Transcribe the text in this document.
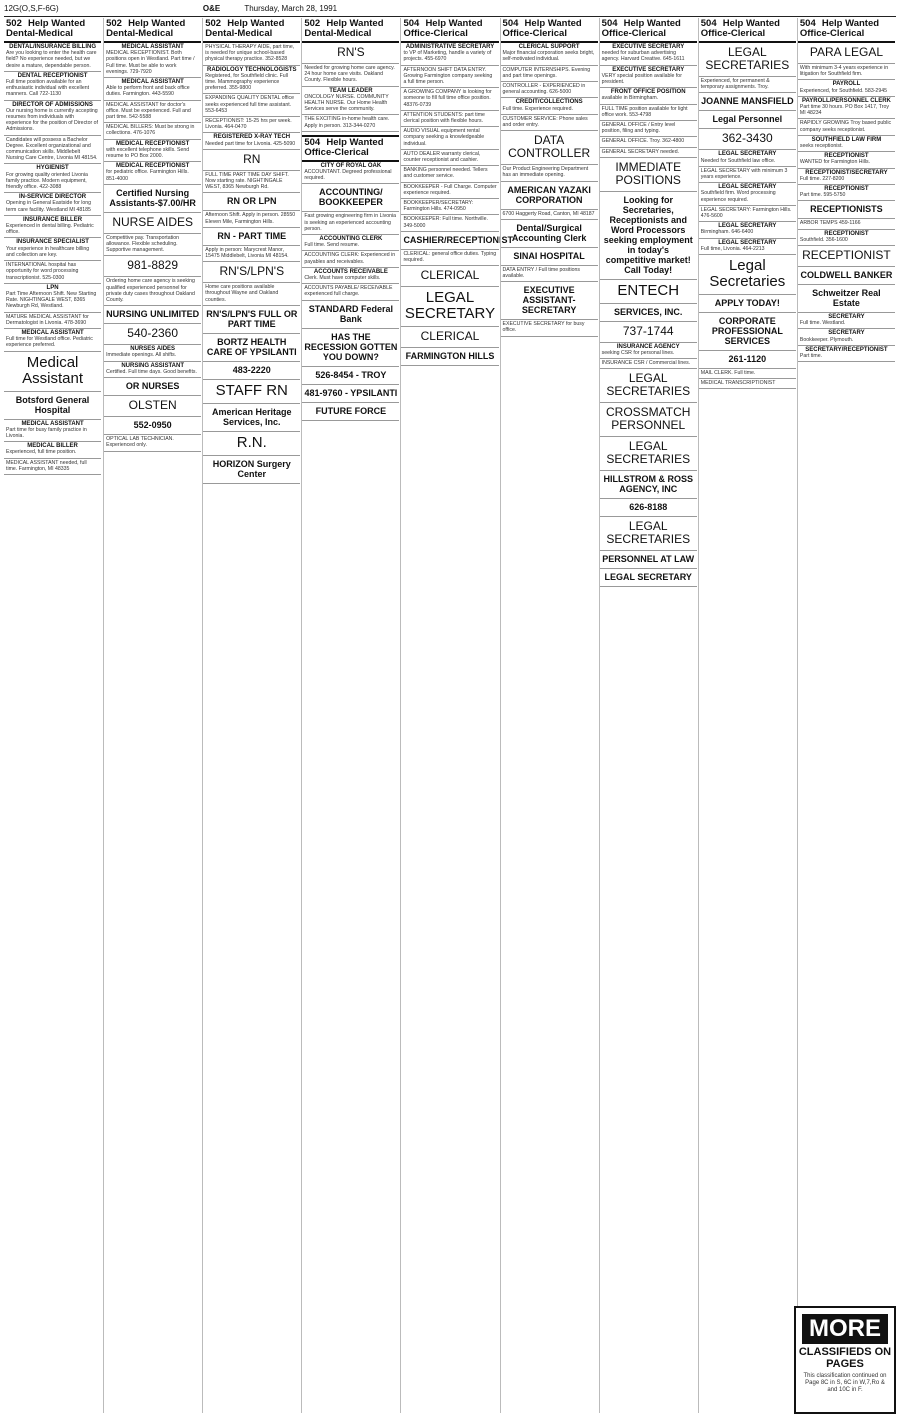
12G(O,S,F-6G)	O&E	Thursday, March 28, 1991
502 Help Wanted Dental-Medical
DENTAL/INSURANCE BILLING
Are you looking to enter the health care field? No experience needed, but we desire a mature, dependable person.
DENTAL RECEPTIONIST
Full time position available for an enthusiastic individual with excellent manners. Call 722-1130
DIRECTOR OF ADMISSIONS
Our nursing home is currently accepting resumes from individuals with experience for the position of Director of Admissions.
Candidates will possess a Bachelor Degree. Excellent organizational and communication skills. Middlebelt Nursing Care Centre, Livonia MI 48154.
HYGIENIST
For growing quality oriented Livonia family practice. Modern equipment, friendly office. 422-3088
IN-SERVICE DIRECTOR
Opening in General Eastside for long term care facility. Westland MI 48185
INSURANCE BILLER
Experienced in dental billing. Pediatric office.
INSURANCE SPECIALIST
Your experience in healthcare billing and collection are key.
INTERNATIONAL hospital has opportunity for word processing transcriptionist. 525-0300
LPN
Part Time Afternoon Shift. New Starting Rate. NIGHTINGALE WEST, 8365 Newburgh Rd, Westland.
MATURE MEDICAL ASSISTANT for Dermatologist in Livonia. 478-3690
MEDICAL ASSISTANT
Full time for Westland office. Pediatric experience preferred.
Medical Assistant
Botsford General Hospital
MEDICAL ASSISTANT
Part time for busy family practice in Livonia.
MEDICAL BILLER
Experienced, full time position.
MEDICAL ASSISTANT needed, full time. Farmington, MI 48335
502 Help Wanted Dental-Medical
MEDICAL ASSISTANT
MEDICAL RECEPTIONIST. Both positions open in Westland. Part time / Full time. Must be able to work evenings. 729-7920
MEDICAL ASSISTANT
Able to perform front and back office duties. Farmington. 443-5590
MEDICAL ASSISTANT for doctor's office. Must be experienced. Full and part time. 542-5588
MEDICAL BILLERS: Must be strong in collections. 476-1076
MEDICAL RECEPTIONIST
with excellent telephone skills. Send resume to PO Box 2000.
MEDICAL RECEPTIONIST
for pediatric office. Farmington Hills. 851-4000
Certified Nursing Assistants-$7.00/HR
NURSE AIDES
Competitive pay. Transportation allowance. Flexible scheduling. Supportive management.
981-8829
Ordering home care agency is seeking qualified experienced personnel for private duty cases throughout Oakland County.
NURSING UNLIMITED
540-2360
NURSES AIDES
Immediate openings. All shifts.
NURSING ASSISTANT
Certified. Full time days. Good benefits.
OR NURSES
OLSTEN
552-0950
OPTICAL LAB TECHNICIAN. Experienced only.
502 Help Wanted Dental-Medical
PHYSICAL THERAPY AIDE, part time, is needed for unique school-based physical therapy practice. 352-8528
RADIOLOGY TECHNOLOGISTS
Registered, for Southfield clinic. Full time. Mammography experience preferred. 355-9800
EXPANDING QUALITY DENTAL office seeks experienced full time assistant. 553-6453
RECEPTIONIST: 15-25 hrs per week. Livonia. 464-0470
REGISTERED X-RAY TECH
Needed part time for Livonia. 425-5090
RN
FULL TIME PART TIME DAY SHIFT. Now starting rate. NIGHTINGALE WEST, 8365 Newburgh Rd.
RN OR LPN
Afternoon Shift. Apply in person. 28550 Eleven Mile, Farmington Hills.
RN - PART TIME
Apply in person: Marycrest Manor, 15475 Middlebelt, Livonia MI 48154.
RN'S/LPN'S
Home care positions available throughout Wayne and Oakland counties.
RN'S/LPN'S FULL OR PART TIME
BORTZ HEALTH CARE OF YPSILANTI
483-2220
STAFF RN
American Heritage Services, Inc.
R.N.
HORIZON Surgery Center
502 Help Wanted Dental-Medical
RN'S
Needed for growing home care agency. 24 hour home care visits. Oakland County. Flexible hours.
TEAM LEADER
ONCOLOGY NURSE. COMMUNITY HEALTH NURSE. Our Home Health Services serve the community.
THE EXCITING in-home health care. Apply in person. 313-344-0270
504 Help Wanted Office-Clerical
CITY OF ROYAL OAK
ACCOUNTANT. Degreed professional required.
ACCOUNTING/ BOOKKEEPER
Fast growing engineering firm in Livonia is seeking an experienced accounting person.
ACCOUNTING CLERK
Full time. Send resume.
ACCOUNTING CLERK: Experienced in payables and receivables.
ACCOUNTS RECEIVABLE
Clerk. Must have computer skills.
ACCOUNTS PAYABLE/ RECEIVABLE experienced full charge.
STANDARD Federal Bank
HAS THE RECESSION GOTTEN YOU DOWN?
526-8454 - TROY
481-9760 - YPSILANTI
FUTURE FORCE
504 Help Wanted Office-Clerical
ADMINISTRATIVE SECRETARY
to VP of Marketing, handle a variety of projects. 455-6970
AFTERNOON SHIFT DATA ENTRY. Growing Farmington company seeking a full time person.
A GROWING COMPANY is looking for someone to fill full time office position. 48376-0739
ATTENTION STUDENTS: part time clerical position with flexible hours.
AUDIO VISUAL equipment rental company seeking a knowledgeable individual.
AUTO DEALER warranty clerical, counter receptionist and cashier.
BANKING personnel needed. Tellers and customer service.
BOOKKEEPER - Full Charge. Computer experience required.
BOOKKEEPER/SECRETARY: Farmington Hills. 474-0950
BOOKKEEPER: Full time. Northville. 349-5000
CASHIER/RECEPTIONIST
CLERICAL: general office duties. Typing required.
CLERICAL
LEGAL SECRETARY
CLERICAL
FARMINGTON HILLS
504 Help Wanted Office-Clerical
CLERICAL SUPPORT
Major financial corporation seeks bright, self-motivated individual.
COMPUTER INTERNSHIPS. Evening and part time openings.
CONTROLLER - EXPERIENCED in general accounting. 626-5000
CREDIT/COLLECTIONS
Full time. Experience required.
CUSTOMER SERVICE: Phone sales and order entry.
DATA CONTROLLER
Our Product Engineering Department has an immediate opening.
AMERICAN YAZAKI CORPORATION
6700 Haggerty Road, Canton, MI 48187
Dental/Surgical Accounting Clerk
SINAI HOSPITAL
DATA ENTRY / Full time positions available.
EXECUTIVE ASSISTANT-SECRETARY
EXECUTIVE SECRETARY for busy office.
504 Help Wanted Office-Clerical
EXECUTIVE SECRETARY
needed for suburban advertising agency. Harvard Creative. 645-1611
EXECUTIVE SECRETARY
VERY special position available for president.
FRONT OFFICE POSITION
available in Birmingham.
FULL TIME position available for light office work. 553-4798
GENERAL OFFICE / Entry level position, filing and typing.
GENERAL OFFICE. Troy. 362-4800
GENERAL SECRETARY needed.
IMMEDIATE POSITIONS
Looking for Secretaries, Receptionists and Word Processors seeking employment in today's competitive market! Call Today!
ENTECH
SERVICES, INC.
737-1744
INSURANCE AGENCY
seeking CSR for personal lines.
INSURANCE CSR / Commercial lines.
LEGAL SECRETARIES
CROSSMATCH PERSONNEL
LEGAL SECRETARIES
HILLSTROM & ROSS AGENCY, INC
626-8188
LEGAL SECRETARIES
PERSONNEL AT LAW
LEGAL SECRETARY
504 Help Wanted Office-Clerical
LEGAL SECRETARIES
Experienced, for permanent & temporary assignments. Troy.
JOANNE MANSFIELD
Legal Personnel
362-3430
LEGAL SECRETARY
Needed for Southfield law office.
LEGAL SECRETARY with minimum 3 years experience.
LEGAL SECRETARY
Southfield firm. Word processing experience required.
LEGAL SECRETARY: Farmington Hills. 476-5600
LEGAL SECRETARY
Birmingham. 646-6400
LEGAL SECRETARY
Full time, Livonia. 464-2213
Legal Secretaries
APPLY TODAY!
CORPORATE PROFESSIONAL SERVICES
261-1120
MAIL CLERK. Full time.
MEDICAL TRANSCRIPTIONIST
504 Help Wanted Office-Clerical
PARA LEGAL
With minimum 3-4 years experience in litigation for Southfield firm.
PAYROLL
Experienced, for Southfield. 583-2945
PAYROLL/PERSONNEL CLERK
Part time 30 hours. PO Box 1417, Troy MI 48234
RAPIDLY GROWING Troy based public company seeks receptionist.
SOUTHFIELD LAW FIRM
seeks receptionist.
RECEPTIONIST
WANTED for Farmington Hills.
RECEPTIONIST/SECRETARY
Full time. 227-8200
RECEPTIONIST
Part time. 595-5750
RECEPTIONISTS
ARBOR TEMPS 459-1166
RECEPTIONIST
Southfield. 356-1600
RECEPTIONIST
COLDWELL BANKER
Schweitzer Real Estate
SECRETARY
Full time. Westland.
SECRETARY
Bookkeeper. Plymouth.
SECRETARY/RECEPTIONIST
Part time.
MORE
CLASSIFIEDS ON PAGES
This classification continued on Page 8C in S, 6C in W,7,Ro & and 10C in F.
